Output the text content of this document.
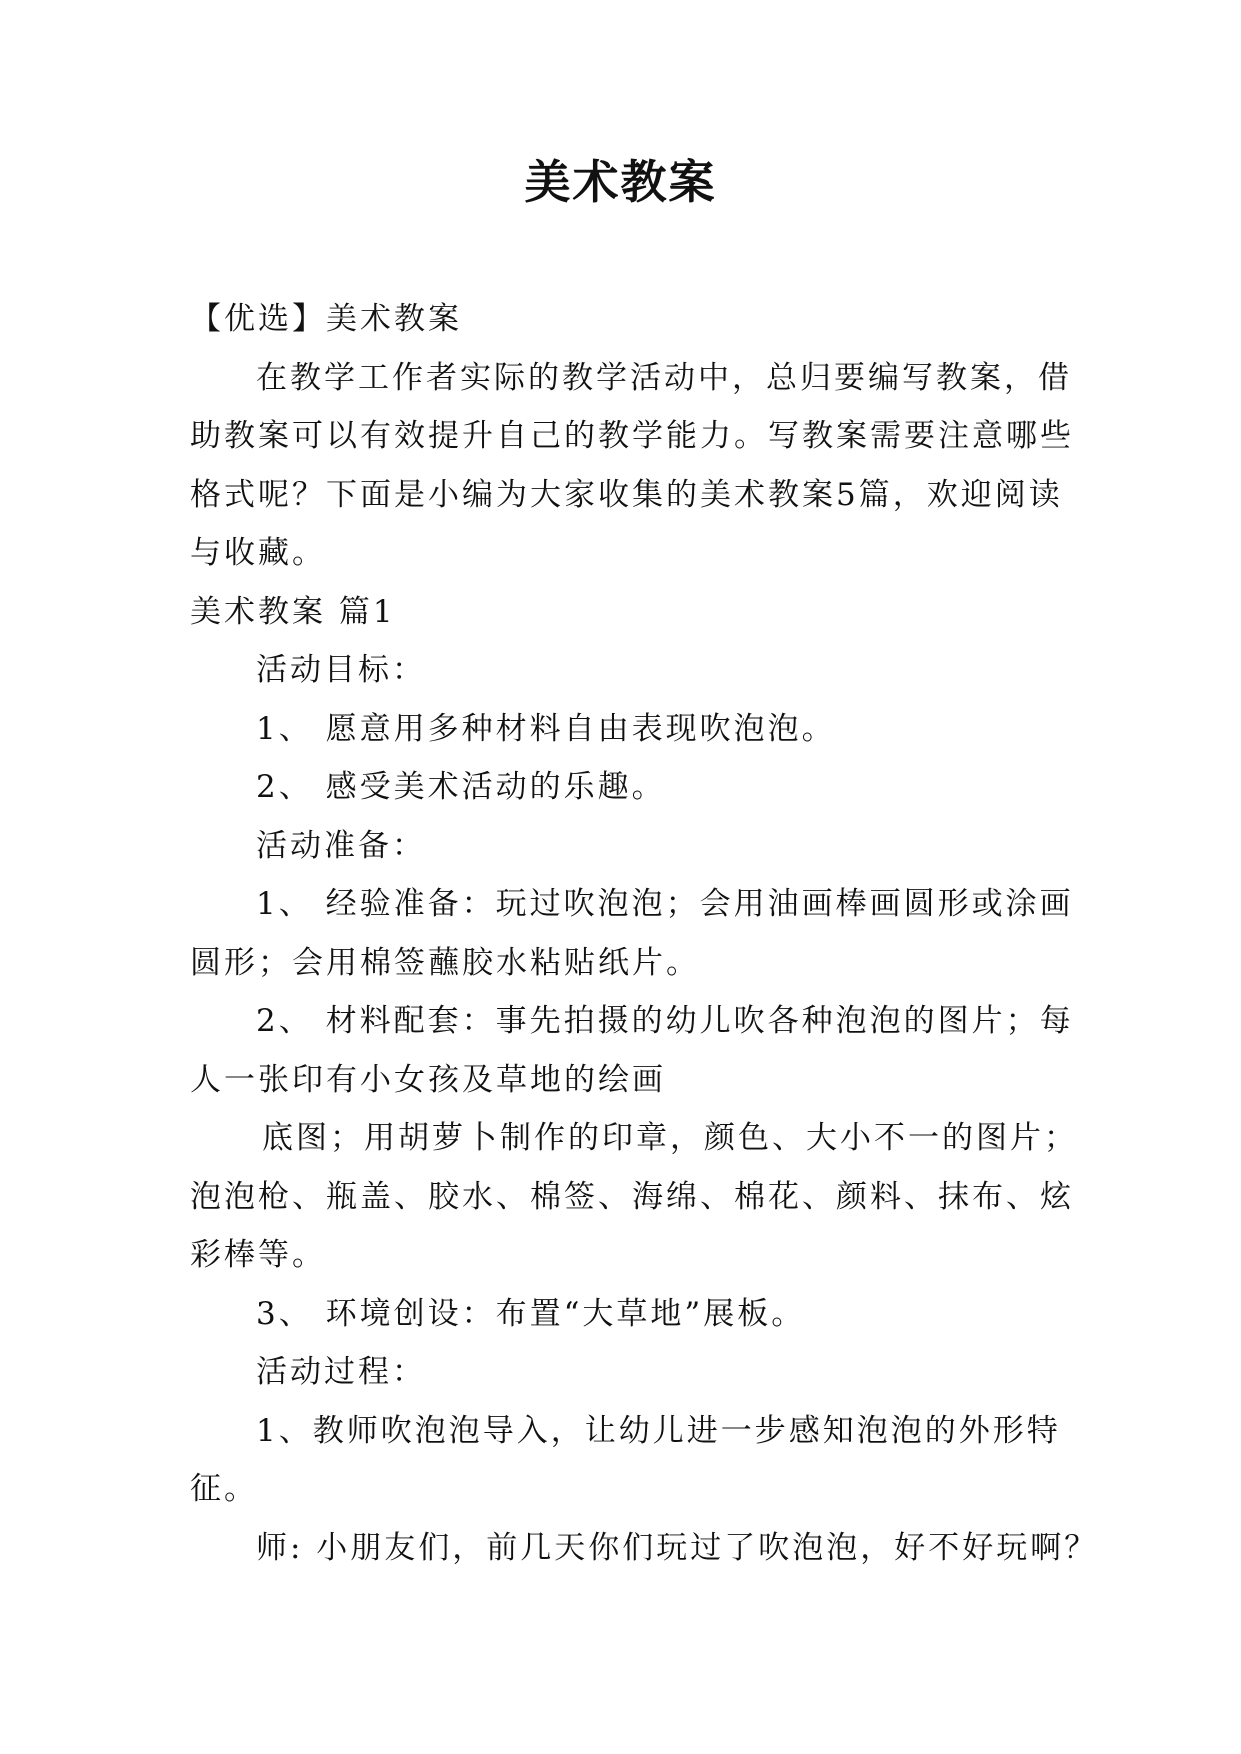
美术教案
【优选】美术教案
在教学工作者实际的教学活动中，总归要编写教案，借
助教案可以有效提升自己的教学能力。写教案需要注意哪些
格式呢？下面是小编为大家收集的美术教案5篇，欢迎阅读
与收藏。
美术教案 篇1
活动目标：
1、 愿意用多种材料自由表现吹泡泡。
2、 感受美术活动的乐趣。
活动准备：
1、 经验准备：玩过吹泡泡；会用油画棒画圆形或涂画
圆形；会用棉签蘸胶水粘贴纸片。
2、 材料配套：事先拍摄的幼儿吹各种泡泡的图片；每
人一张印有小女孩及草地的绘画
底图；用胡萝卜制作的印章，颜色、大小不一的图片；
泡泡枪、瓶盖、胶水、棉签、海绵、棉花、颜料、抹布、炫
彩棒等。
3、 环境创设：布置“大草地”展板。
活动过程：
1、教师吹泡泡导入，让幼儿进一步感知泡泡的外形特
征。
师: 小朋友们，前几天你们玩过了吹泡泡，好不好玩啊？
